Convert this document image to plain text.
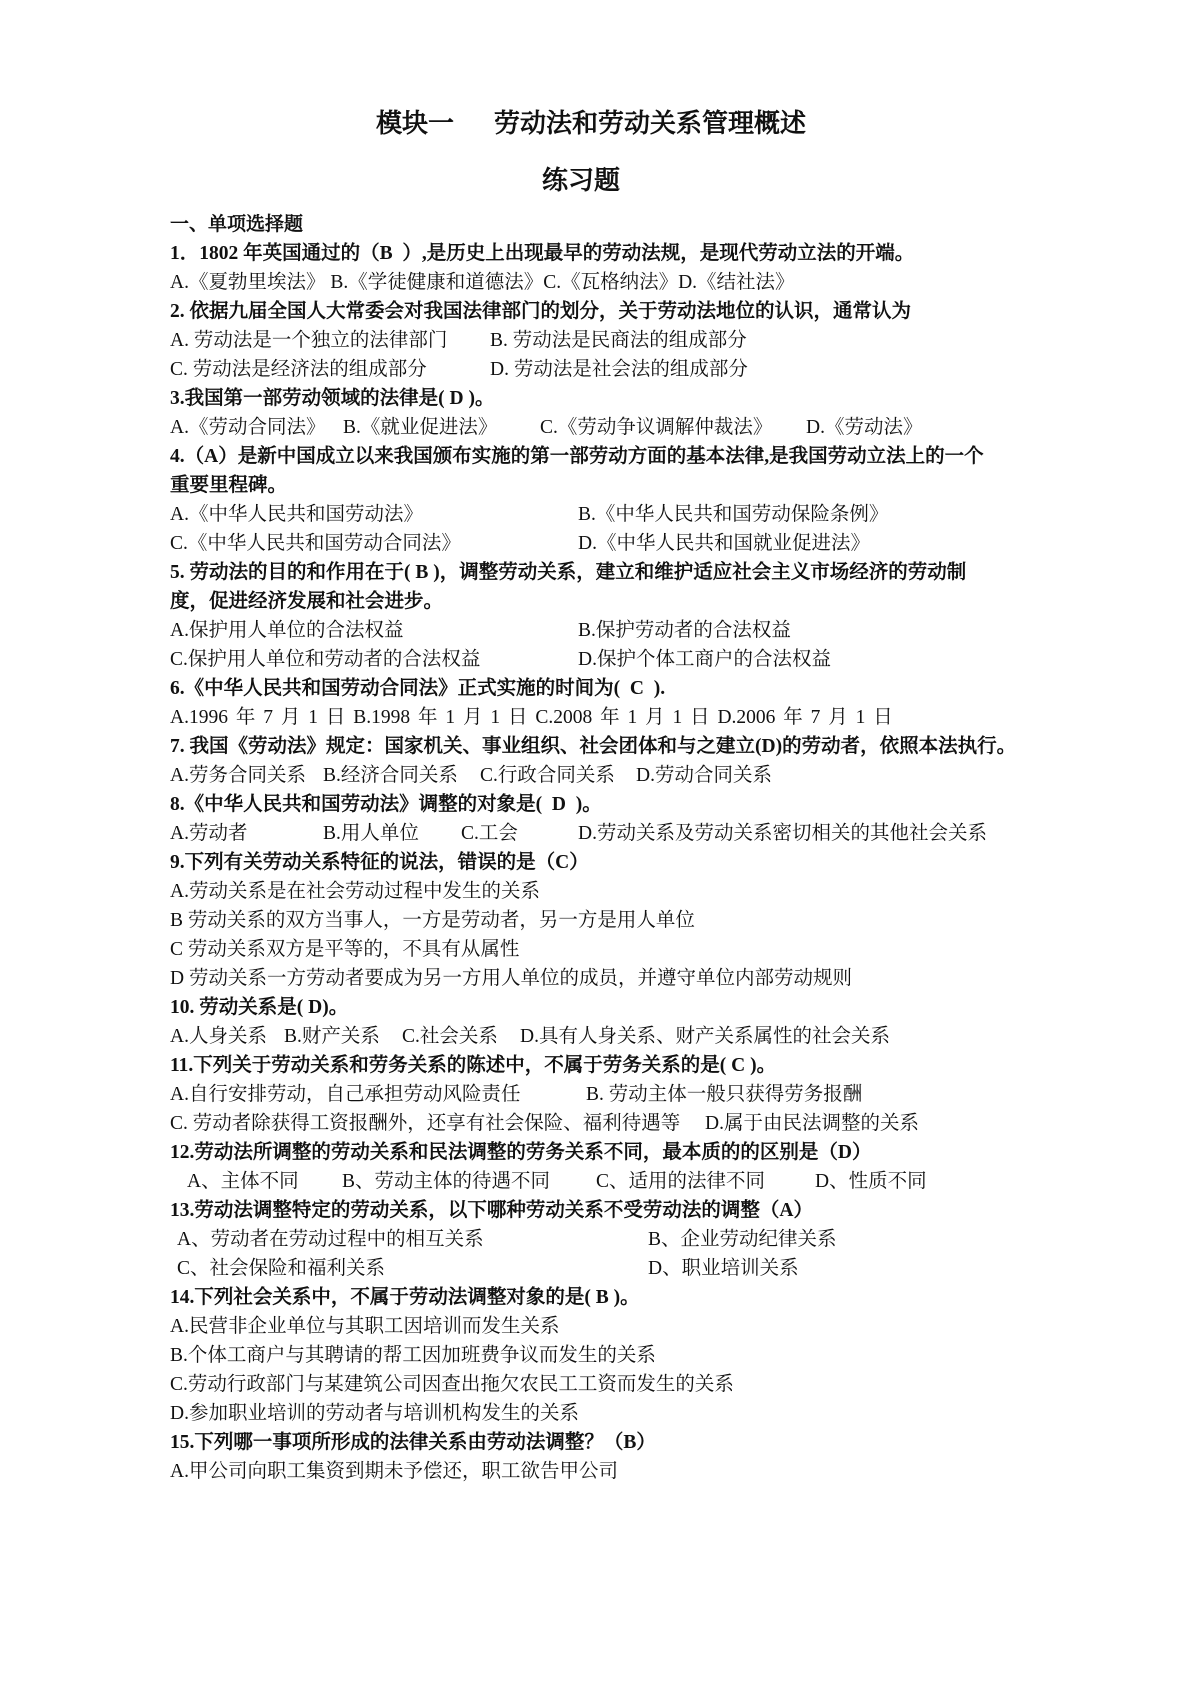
模块一 劳动法和劳动关系管理概述
练习题
一、单项选择题
1．1802 年英国通过的（B  ）,是历史上出现最早的劳动法规，是现代劳动立法的开端。

A.《夏勃里埃法》 B.《学徒健康和道德法》C.《瓦格纳法》D.《结社法》

2. 依据九届全国人大常委会对我国法律部门的划分，关于劳动法地位的认识，通常认为

A. 劳动法是一个独立的法律部门

B. 劳动法是民商法的组成部分

C. 劳动法是经济法的组成部分

	D. 劳动法是社会法的组成部分

3.我国第一部劳动领域的法律是( D )。

A.《劳动合同法》

B.《就业促进法》

C.《劳动争议调解仲裁法》

D.《劳动法》

4.（A）是新中国成立以来我国颁布实施的第一部劳动方面的基本法律,是我国劳动立法上的一个
重要里程碑。

A.《中华人民共和国劳动法》

	B.《中华人民共和国劳动保险条例》

C.《中华人民共和国劳动合同法》

	D.《中华人民共和国就业促进法》

5. 劳动法的目的和作用在于( B )，调整劳动关系，建立和维护适应社会主义市场经济的劳动制
度，促进经济发展和社会进步。

A.保护用人单位的合法权益

	B.保护劳动者的合法权益

C.保护用人单位和劳动者的合法权益

	D.保护个体工商户的合法权益

6.《中华人民共和国劳动合同法》正式实施的时间为(  C  ).

A.1996 年 7 月 1 日 B.1998 年 1 月 1 日 C.2008 年 1 月 1 日 D.2006 年 7 月 1 日

7. 我国《劳动法》规定：国家机关、事业组织、社会团体和与之建立(D)的劳动者，依照本法执行。

A.劳务合同关系

B.经济合同关系

C.行政合同关系

D.劳动合同关系

8.《中华人民共和国劳动法》调整的对象是(  D  )。

A.劳动者

	B.用人单位

C.工会

	D.劳动关系及劳动关系密切相关的其他社会关系

9.下列有关劳动关系特征的说法，错误的是（C）
A.劳动关系是在社会劳动过程中发生的关系
B 劳动关系的双方当事人，一方是劳动者，另一方是用人单位
C 劳动关系双方是平等的，不具有从属性
D 劳动关系一方劳动者要成为另一方用人单位的成员，并遵守单位内部劳动规则
10. 劳动关系是( D)。

A.人身关系

B.财产关系

C.社会关系

D.具有人身关系、财产关系属性的社会关系

11.下列关于劳动关系和劳务关系的陈述中，不属于劳务关系的是( C )。

A.自行安排劳动，自己承担劳动风险责任

	B. 劳动主体一般只获得劳务报酬

C. 劳动者除获得工资报酬外，还享有社会保险、福利待遇等

D.属于由民法调整的关系

12.劳动法所调整的劳动关系和民法调整的劳务关系不同，最本质的的区别是（D）

A、主体不同

B、劳动主体的待遇不同

C、适用的法律不同

	D、性质不同

13.劳动法调整特定的劳动关系，以下哪种劳动关系不受劳动法的调整（A）

A、劳动者在劳动过程中的相互关系

	B、企业劳动纪律关系

C、社会保险和福利关系

	D、职业培训关系

14.下列社会关系中，不属于劳动法调整对象的是( B )。
A.民营非企业单位与其职工因培训而发生关系
B.个体工商户与其聘请的帮工因加班费争议而发生的关系
C.劳动行政部门与某建筑公司因查出拖欠农民工工资而发生的关系
D.参加职业培训的劳动者与培训机构发生的关系
15.下列哪一事项所形成的法律关系由劳动法调整？（B）
A.甲公司向职工集资到期未予偿还，职工欲告甲公司
